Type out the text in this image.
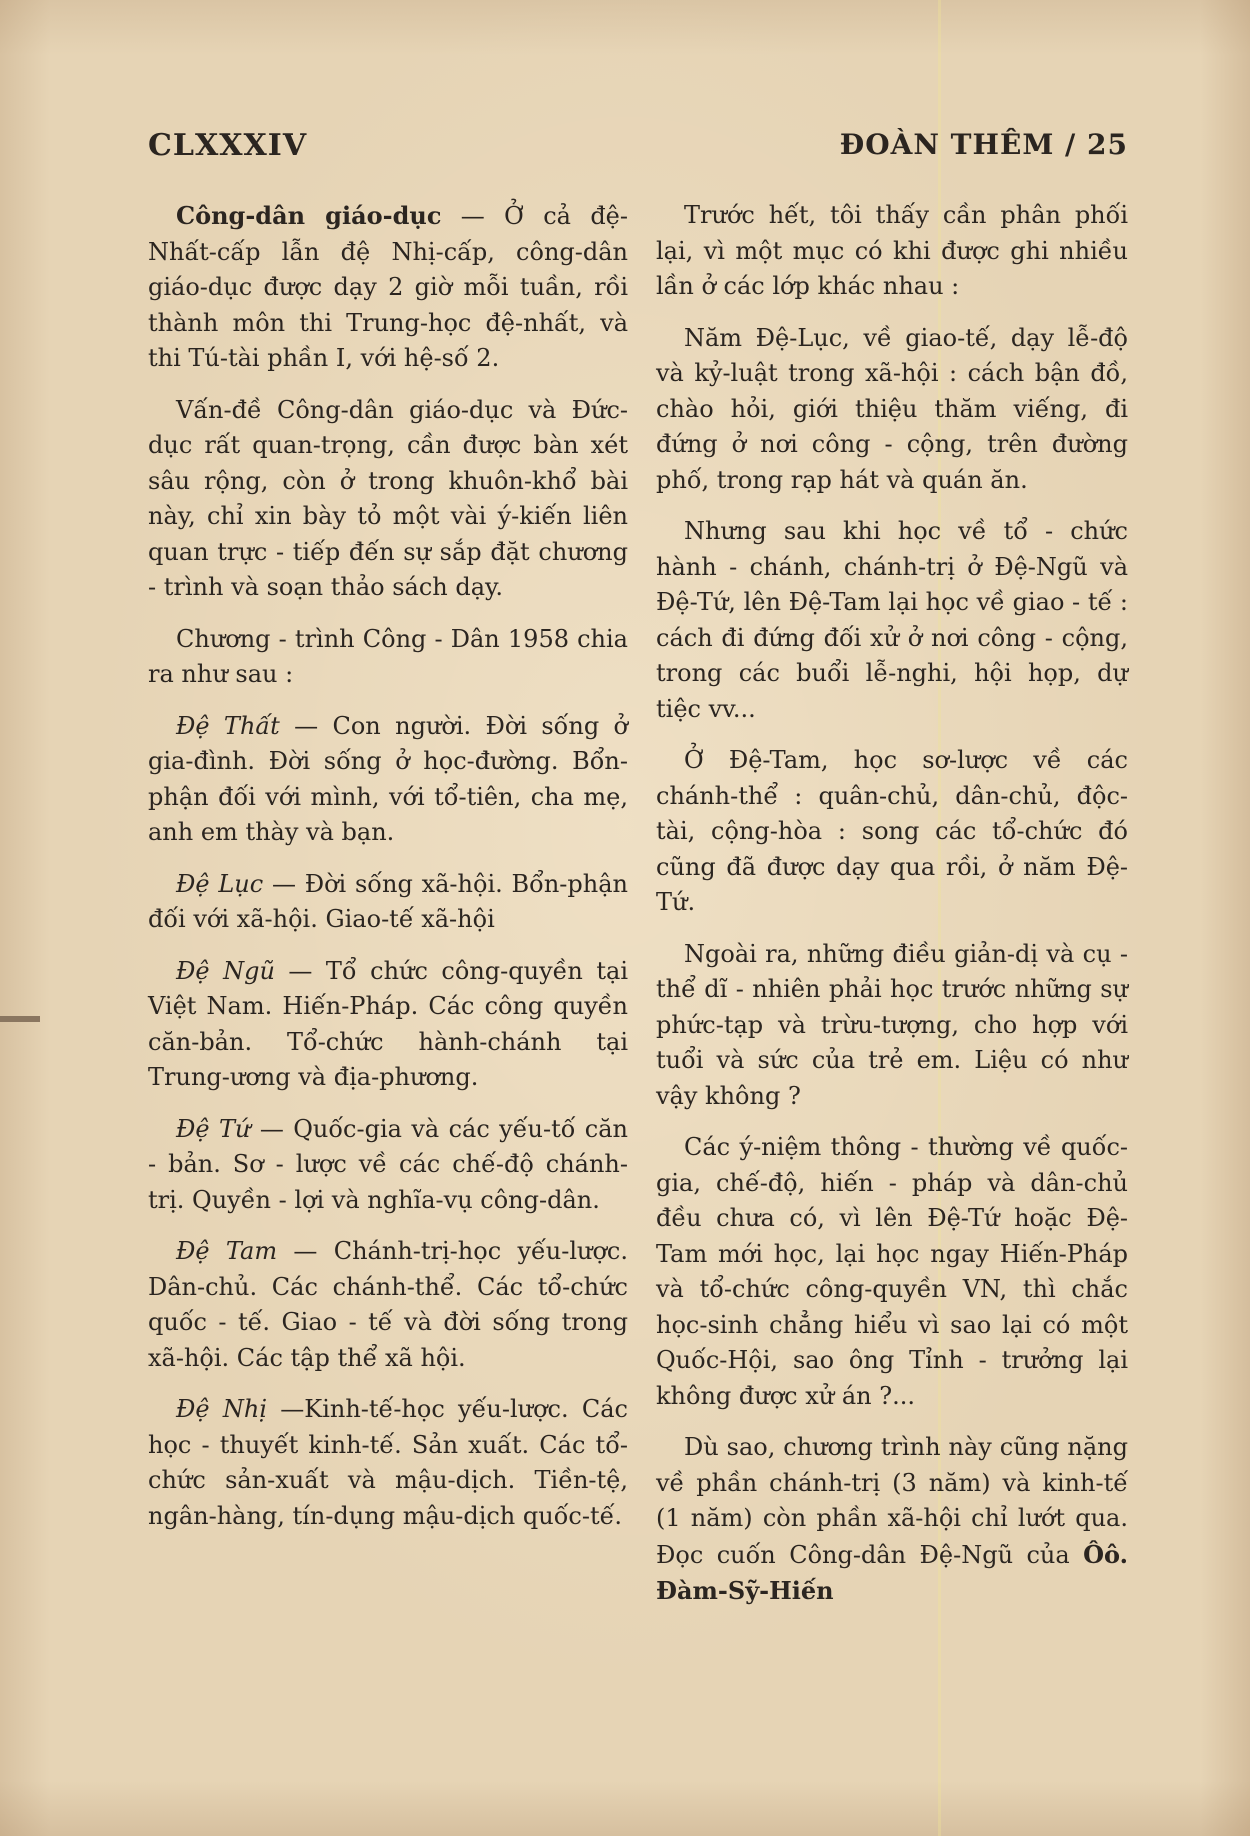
CLXXXIV	ĐOÀN THÊM / 25

Công-dân giáo-dục — Ở cả đệ-Nhất-cấp lẫn đệ Nhị-cấp, công-dân giáo-dục được dạy 2 giờ mỗi tuần, rồi thành môn thi Trung-học đệ-nhất, và thi Tú-tài phần I, với hệ-số 2.

Vấn-đề Công-dân giáo-dục và Đức-dục rất quan-trọng, cần được bàn xét sâu rộng, còn ở trong khuôn-khổ bài này, chỉ xin bày tỏ một vài ý-kiến liên quan trực - tiếp đến sự sắp đặt chương - trình và soạn thảo sách dạy.

Chương - trình Công - Dân 1958 chia ra như sau :

Đệ Thất — Con người. Đời sống ở gia-đình. Đời sống ở học-đường. Bổn-phận đối với mình, với tổ-tiên, cha mẹ, anh em thày và bạn.
Đệ Lục — Đời sống xã-hội. Bổn-phận đối với xã-hội. Giao-tế xã-hội
Đệ Ngũ — Tổ chức công-quyền tại Việt Nam. Hiến-Pháp. Các công quyền căn-bản. Tổ-chức hành-chánh tại Trung-ương và địa-phương.
Đệ Tứ — Quốc-gia và các yếu-tố căn - bản. Sơ - lược về các chế-độ chánh-trị. Quyền - lợi và nghĩa-vụ công-dân.
Đệ Tam — Chánh-trị-học yếu-lược. Dân-chủ. Các chánh-thể. Các tổ-chức quốc - tế. Giao - tế và đời sống trong xã-hội. Các tập thể xã hội.
Đệ Nhị —Kinh-tế-học yếu-lược. Các học - thuyết kinh-tế. Sản xuất. Các tổ-chức sản-xuất và mậu-dịch. Tiền-tệ, ngân-hàng, tín-dụng mậu-dịch quốc-tế.

Trước hết, tôi thấy cần phân phối lại, vì một mục có khi được ghi nhiều lần ở các lớp khác nhau :

Năm Đệ-Lục, về giao-tế, dạy lễ-độ và kỷ-luật trong xã-hội : cách bận đồ, chào hỏi, giới thiệu thăm viếng, đi đứng ở nơi công - cộng, trên đường phố, trong rạp hát và quán ăn.

Nhưng sau khi học về tổ - chức hành - chánh, chánh-trị ở Đệ-Ngũ và Đệ-Tứ, lên Đệ-Tam lại học về giao - tế : cách đi đứng đối xử ở nơi công - cộng, trong các buổi lễ-nghi, hội họp, dự tiệc vv...

Ở Đệ-Tam, học sơ-lược về các chánh-thể : quân-chủ, dân-chủ, độc-tài, cộng-hòa : song các tổ-chức đó cũng đã được dạy qua rồi, ở năm Đệ-Tứ.

Ngoài ra, những điều giản-dị và cụ - thể dĩ - nhiên phải học trước những sự phức-tạp và trừu-tượng, cho hợp với tuổi và sức của trẻ em. Liệu có như vậy không ?

Các ý-niệm thông - thường về quốc-gia, chế-độ, hiến - pháp và dân-chủ đều chưa có, vì lên Đệ-Tứ hoặc Đệ-Tam mới học, lại học ngay Hiến-Pháp và tổ-chức công-quyền VN, thì chắc học-sinh chẳng hiểu vì sao lại có một Quốc-Hội, sao ông Tỉnh - trưởng lại không được xử án ?...

Dù sao, chương trình này cũng nặng về phần chánh-trị (3 năm) và kinh-tế (1 năm) còn phần xã-hội chỉ lướt qua. Đọc cuốn Công-dân Đệ-Ngũ của Ôô. Đàm-Sỹ-Hiến
